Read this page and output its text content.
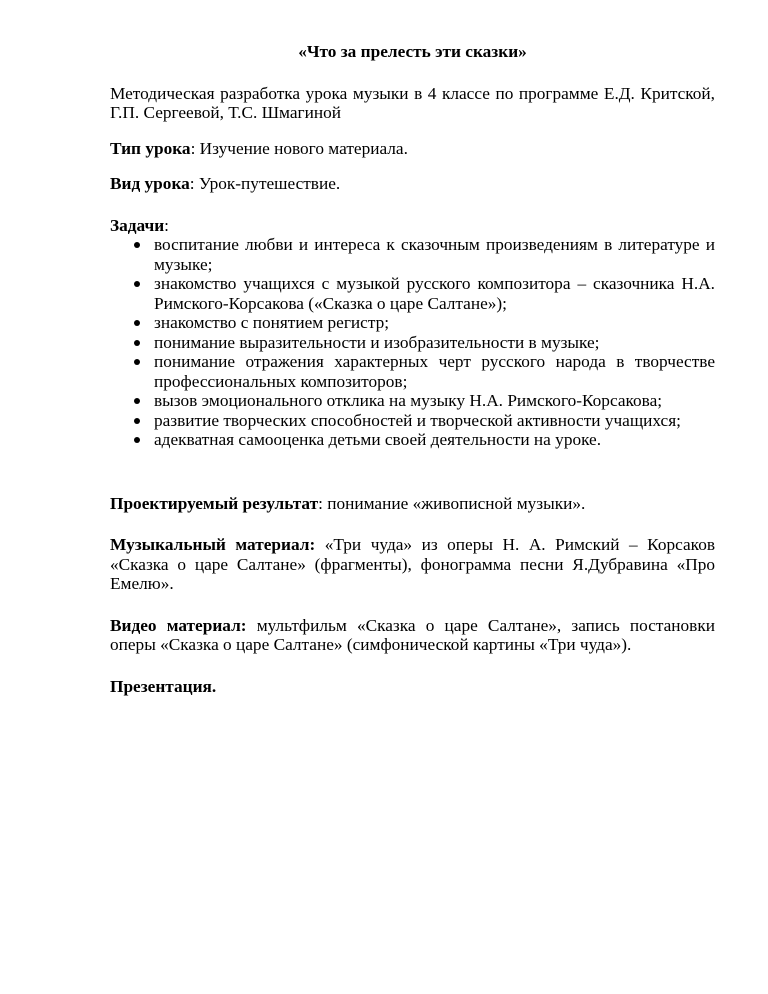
«Что за прелесть эти сказки»
Методическая разработка урока музыки в 4 классе по программе Е.Д. Критской, Г.П. Сергеевой, Т.С. Шмагиной
Тип урока: Изучение нового материала.
Вид урока: Урок-путешествие.
Задачи:
воспитание любви и интереса к сказочным произведениям в литературе и музыке;
знакомство учащихся с музыкой русского композитора – сказочника Н.А. Римского-Корсакова («Сказка о царе Салтане»);
знакомство с понятием регистр;
понимание выразительности и изобразительности в музыке;
понимание отражения характерных черт русского народа в творчестве профессиональных композиторов;
вызов эмоционального отклика на музыку Н.А. Римского-Корсакова;
развитие творческих способностей и творческой активности учащихся;
адекватная самооценка детьми своей деятельности на уроке.
Проектируемый результат: понимание «живописной музыки».
Музыкальный материал: «Три чуда» из оперы Н. А. Римский – Корсаков «Сказка о царе Салтане» (фрагменты), фонограмма песни Я.Дубравина «Про Емелю».
Видео материал: мультфильм «Сказка о царе Салтане», запись постановки оперы «Сказка о царе Салтане» (симфонической картины «Три чуда»).
Презентация.
